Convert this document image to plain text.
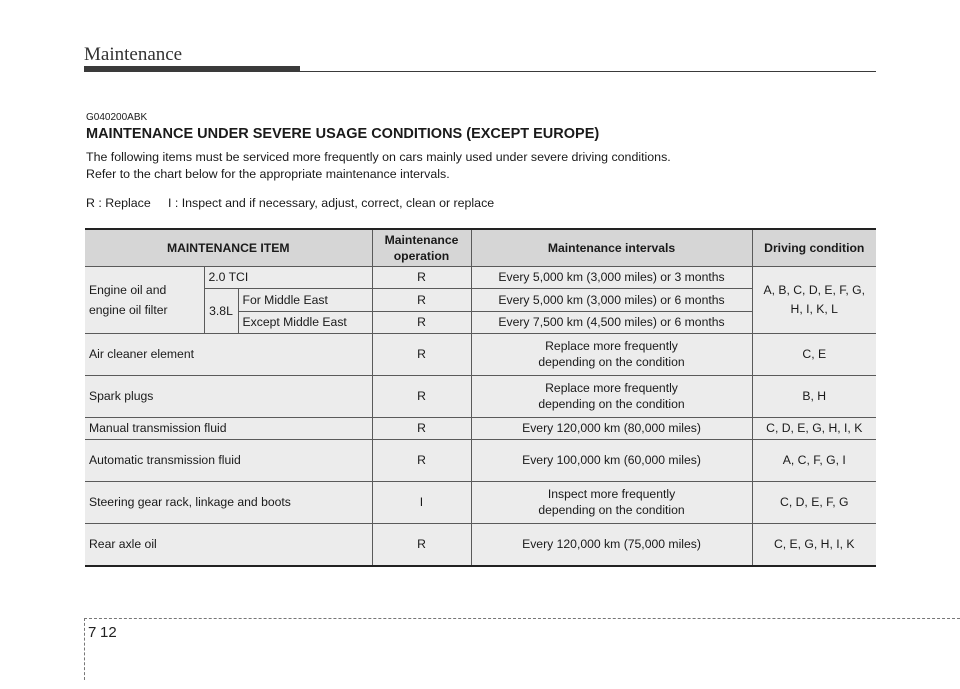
Maintenance
G040200ABK
MAINTENANCE UNDER SEVERE USAGE CONDITIONS (EXCEPT EUROPE)
The following items must be serviced more frequently on cars mainly used under severe driving conditions.
Refer to the chart below for the appropriate maintenance intervals.
R : Replace     I : Inspect and if necessary, adjust, correct, clean or replace
MAINTENANCE ITEM			Maintenance operation	Maintenance intervals	Driving condition
Engine oil and engine oil filter	2.0 TCI		R	Every 5,000 km (3,000 miles) or 3 months	A, B, C, D, E, F, G, H, I, K, L
	3.8L	For Middle East	R	Every 5,000 km (3,000 miles) or 6 months	
		Except Middle East	R	Every 7,500 km (4,500 miles) or 6 months	
Air cleaner element			R	Replace more frequently depending on the condition	C, E
Spark plugs			R	Replace more frequently depending on the condition	B, H
Manual transmission fluid			R	Every 120,000 km (80,000 miles)	C, D, E, G, H, I, K
Automatic transmission fluid			R	Every 100,000 km (60,000 miles)	A, C, F, G, I
Steering gear rack, linkage and boots			I	Inspect more frequently depending on the condition	C, D, E, F, G
Rear axle oil			R	Every 120,000 km (75,000 miles)	C, E, G, H, I, K
7 12
